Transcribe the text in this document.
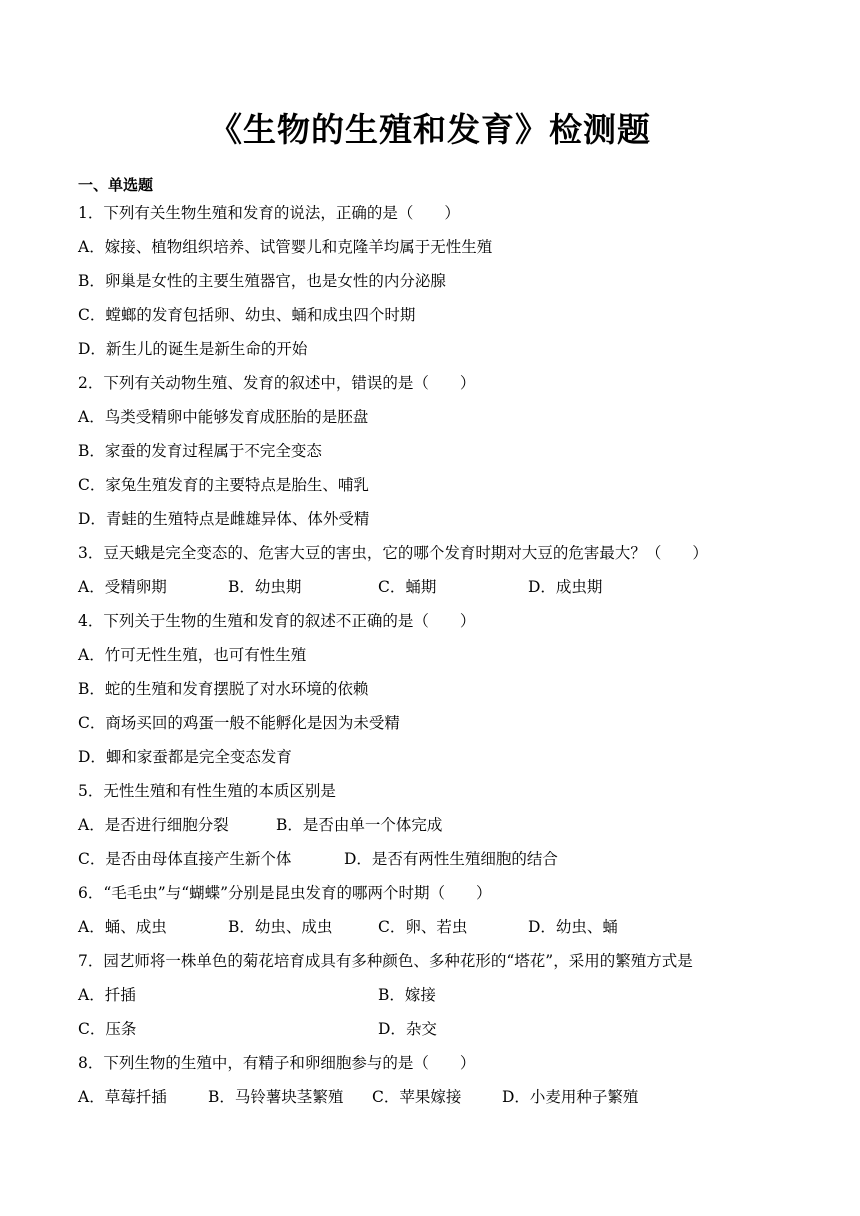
《生物的生殖和发育》检测题
一、单选题
1．下列有关生物生殖和发育的说法，正确的是（　　）
A．嫁接、植物组织培养、试管婴儿和克隆羊均属于无性生殖
B．卵巢是女性的主要生殖器官，也是女性的内分泌腺
C．螳螂的发育包括卵、幼虫、蛹和成虫四个时期
D．新生儿的诞生是新生命的开始
2．下列有关动物生殖、发育的叙述中，错误的是（　　）
A．鸟类受精卵中能够发育成胚胎的是胚盘
B．家蚕的发育过程属于不完全变态
C．家兔生殖发育的主要特点是胎生、哺乳
D．青蛙的生殖特点是雌雄异体、体外受精
3．豆天蛾是完全变态的、危害大豆的害虫，它的哪个发育时期对大豆的危害最大？（　　）
A．受精卵期	B．幼虫期	C．蛹期	D．成虫期
4．下列关于生物的生殖和发育的叙述不正确的是（　　）
A．竹可无性生殖，也可有性生殖
B．蛇的生殖和发育摆脱了对水环境的依赖
C．商场买回的鸡蛋一般不能孵化是因为未受精
D．蝍和家蚕都是完全变态发育
5．无性生殖和有性生殖的本质区别是
A．是否进行细胞分裂	B．是否由单一个体完成
C．是否由母体直接产生新个体	D．是否有两性生殖细胞的结合
6．“毛毛虫”与“蝴蝶”分别是昆虫发育的哪两个时期（　　）
A．蛹、成虫	B．幼虫、成虫	C．卵、若虫	D．幼虫、蛹
7．园艺师将一株单色的菊花培育成具有多种颜色、多种花形的“塔花”，采用的繁殖方式是
A．扦插	B．嫁接
C．压条	D．杂交
8．下列生物的生殖中，有精子和卵细胞参与的是（　　）
A．草莓扦插	B．马铃薯块茎繁殖 C．苹果嫁接	D．小麦用种子繁殖
